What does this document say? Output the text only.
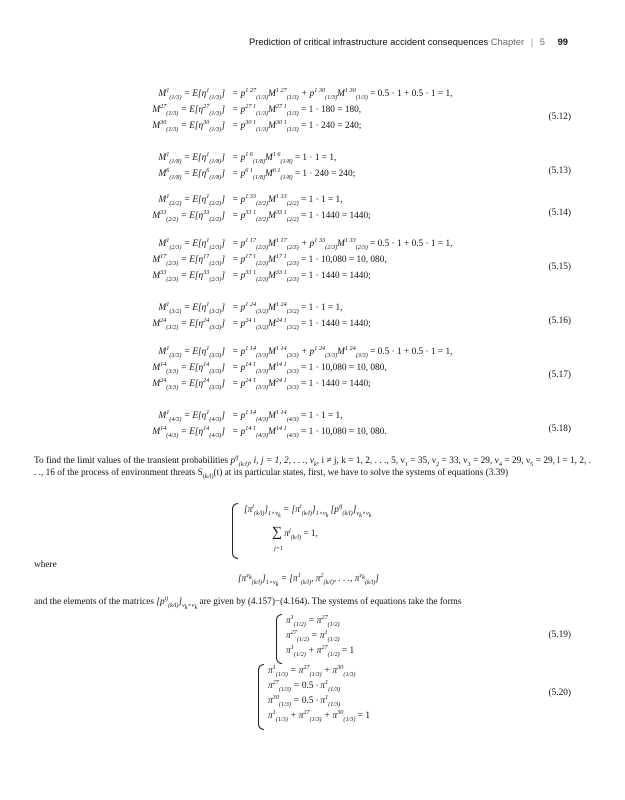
Prediction of critical infrastructure accident consequences Chapter | 5 99
$M^1_{(1/3)} = E[\eta^1_{(1/3)}] = p^{1 27}_{(1/3)}M^{1 27}_{(1/3)} + p^{1 30}_{(1/3)}M^{1 30}_{(1/3)} = 0.5 \cdot 1 + 0.5 \cdot 1 = 1$,
$M^{27}_{(1/3)} = E[\eta^{27}_{(1/3)}] = p^{27 1}_{(1/3)}M^{27 1}_{(1/3)} = 1 \cdot 180 = 180$,
$M^{30}_{(1/3)} = E[\eta^{30}_{(1/3)}] = p^{30 1}_{(1/3)}M^{30 1}_{(1/3)} = 1 \cdot 240 = 240$;
(5.12)
$M^1_{(1/8)} = E[\eta^1_{(1/8)}] = p^{1 6}_{(1/8)}M^{1 6}_{(1/8)} = 1 \cdot 1 = 1$,
$M^6_{(1/8)} = E[\eta^6_{(1/8)}] = p^{6 1}_{(1/8)}M^{6 1}_{(1/8)} = 1 \cdot 240 = 240$;	(5.13)
$M^1_{(2/2)} = E[\eta^1_{(2/2)}] = p^{1 33}_{(2/2)}M^{1 33}_{(2/2)} = 1 \cdot 1 = 1$,
$M^{33}_{(2/2)} = E[\eta^{33}_{(2/2)}] = p^{33 1}_{(2/2)}M^{33 1}_{(2/2)} = 1 \cdot 1440 = 1440$;	(5.14)
$M^1_{(2/3)} = E[\eta^1_{(2/3)}] = p^{1 17}_{(2/3)}M^{1 17}_{(2/3)} + p^{1 33}_{(2/3)}M^{1 33}_{(2/3)} = 0.5 \cdot 1 + 0.5 \cdot 1 = 1$,
$M^{17}_{(2/3)} = E[\eta^{17}_{(2/3)}] = p^{17 1}_{(2/3)}M^{17 1}_{(2/3)} = 1 \cdot 10,080 = 10$, 080,
$M^{33}_{(2/3)} = E[\eta^{33}_{(2/3)}] = p^{33 1}_{(2/3)}M^{33 1}_{(2/3)} = 1 \cdot 1440 = 1440$;
(5.15)
$M^1_{(3/2)} = E[\eta^1_{(3/2)}] = p^{1 24}_{(3/2)}M^{1 24}_{(3/2)} = 1 \cdot 1 = 1$,
$M^{24}_{(3/2)} = E[\eta^{24}_{(3/2)}] = p^{24 1}_{(3/2)}M^{24 1}_{(3/2)} = 1 \cdot 1440 = 1440$;	(5.16)
$M^1_{(3/3)} = E[\eta^1_{(3/3)}] = p^{1 14}_{(3/3)}M^{1 14}_{(3/3)} + p^{1 24}_{(3/3)}M^{1 24}_{(3/3)} = 0.5 \cdot 1 + 0.5 \cdot 1 = 1$,
$M^{14}_{(3/3)} = E[\eta^{14}_{(3/3)}] = p^{14 1}_{(3/3)}M^{14 1}_{(3/3)} = 1 \cdot 10,080 = 10$, 080,
$M^{24}_{(3/3)} = E[\eta^{24}_{(3/3)}] = p^{24 1}_{(3/3)}M^{24 1}_{(3/3)} = 1 \cdot 1440 = 1440$;
(5.17)
$M^1_{(4/3)} = E[\eta^1_{(4/3)}] = p^{1 14}_{(4/3)}M^{1 14}_{(4/3)} = 1 \cdot 1 = 1$,
$M^{14}_{(4/3)} = E[\eta^{14}_{(4/3)}] = p^{14 1}_{(4/3)}M^{14 1}_{(4/3)} = 1 \cdot 10,080 = 10$, 080.	(5.18)
To find the limit values of the transient probabilities $p^{ij}_{(k/l)}$, i, j = 1, 2, . . ., $\nu_k$, i ≠ j, k = 1, 2, . . ., 5, $\nu_1 = 35$, $\nu_2 = 33$, $\nu_3 = 29$, $\nu_4 = 29$, $\nu_5 = 29$, l = 1, 2, . . ., 16 of the process of environment threats $S_{(k/l)}(t)$ at its particular states, first, we have to solve the systems of equations (3.39)
$[\pi^i_{(k/l)}]_{1\times\nu_k} = [\pi^i_{(k/l)}]_{1\times\nu_k}$ $[p^{ij}_{(k/l)}]_{\nu_k\times\nu_k}$
∑ $\pi^j_{(k/l)} = 1$,
j=1
where
$[\pi^{\nu_k}_{(k/l)}]_{1\times\nu_k} = [\pi^1_{(k/l)}$, $\pi^2_{(k/l)}$, . . ., $\pi^{\nu_k}_{(k/l)}$]
and the elements of the matrices $[p^{ij}_{(k/l)}]_{\nu_k\times\nu_k}$ are given by (4.157)−(4.164). The systems of equations take the forms
$\pi^1_{(1/2)} = \pi^{27}_{(1/2)}$
$\pi^{27}_{(1/2)} = \pi^1_{(1/2)}$
$\pi^1_{(1/2)} + \pi^{27}_{(1/2)} = 1$
(5.19)
$\pi^1_{(1/3)} = \pi^{27}_{(1/3)} + \pi^{30}_{(1/3)}$
$\pi^{27}_{(1/3)} = 0.5 \cdot \pi^1_{(1/3)}$
$\pi^{30}_{(1/3)} = 0.5 \cdot \pi^1_{(1/3)}$
$\pi^1_{(1/3)} + \pi^{27}_{(1/3)} + \pi^{30}_{(1/3)} = 1$
(5.20)
